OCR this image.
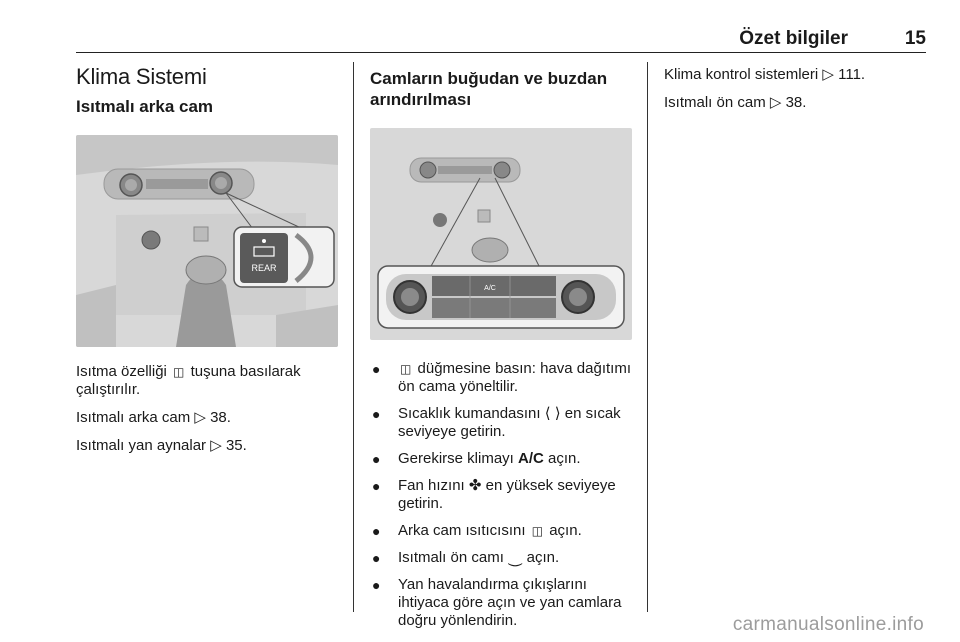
Özet bilgiler	15
Klima Sistemi
Isıtmalı arka cam
REAR

Isıtma özelliği ◫ tuşuna basılarak çalıştırılır.

Isıtmalı arka cam ▷ 38.

Isıtmalı yan aynalar ▷ 35.

Camların buğudan ve buzdan arındırılması
A/C
● ◫ düğmesine basın: hava dağıtımı ön cama yöneltilir.
● Sıcaklık kumandasını ⟨ ⟩ en sıcak seviyeye getirin.
● Gerekirse klimayı A/C açın.
● Fan hızını ✤ en yüksek seviyeye getirin.
● Arka cam ısıtıcısını ◫ açın.
● Isıtmalı ön camı ⏝ açın.
● Yan havalandırma çıkışlarını ihtiyaca göre açın ve yan camlara doğru yönlendirin.

Klima kontrol sistemleri ▷ 111.

Isıtmalı ön cam ▷ 38.

carmanualsonline.info
